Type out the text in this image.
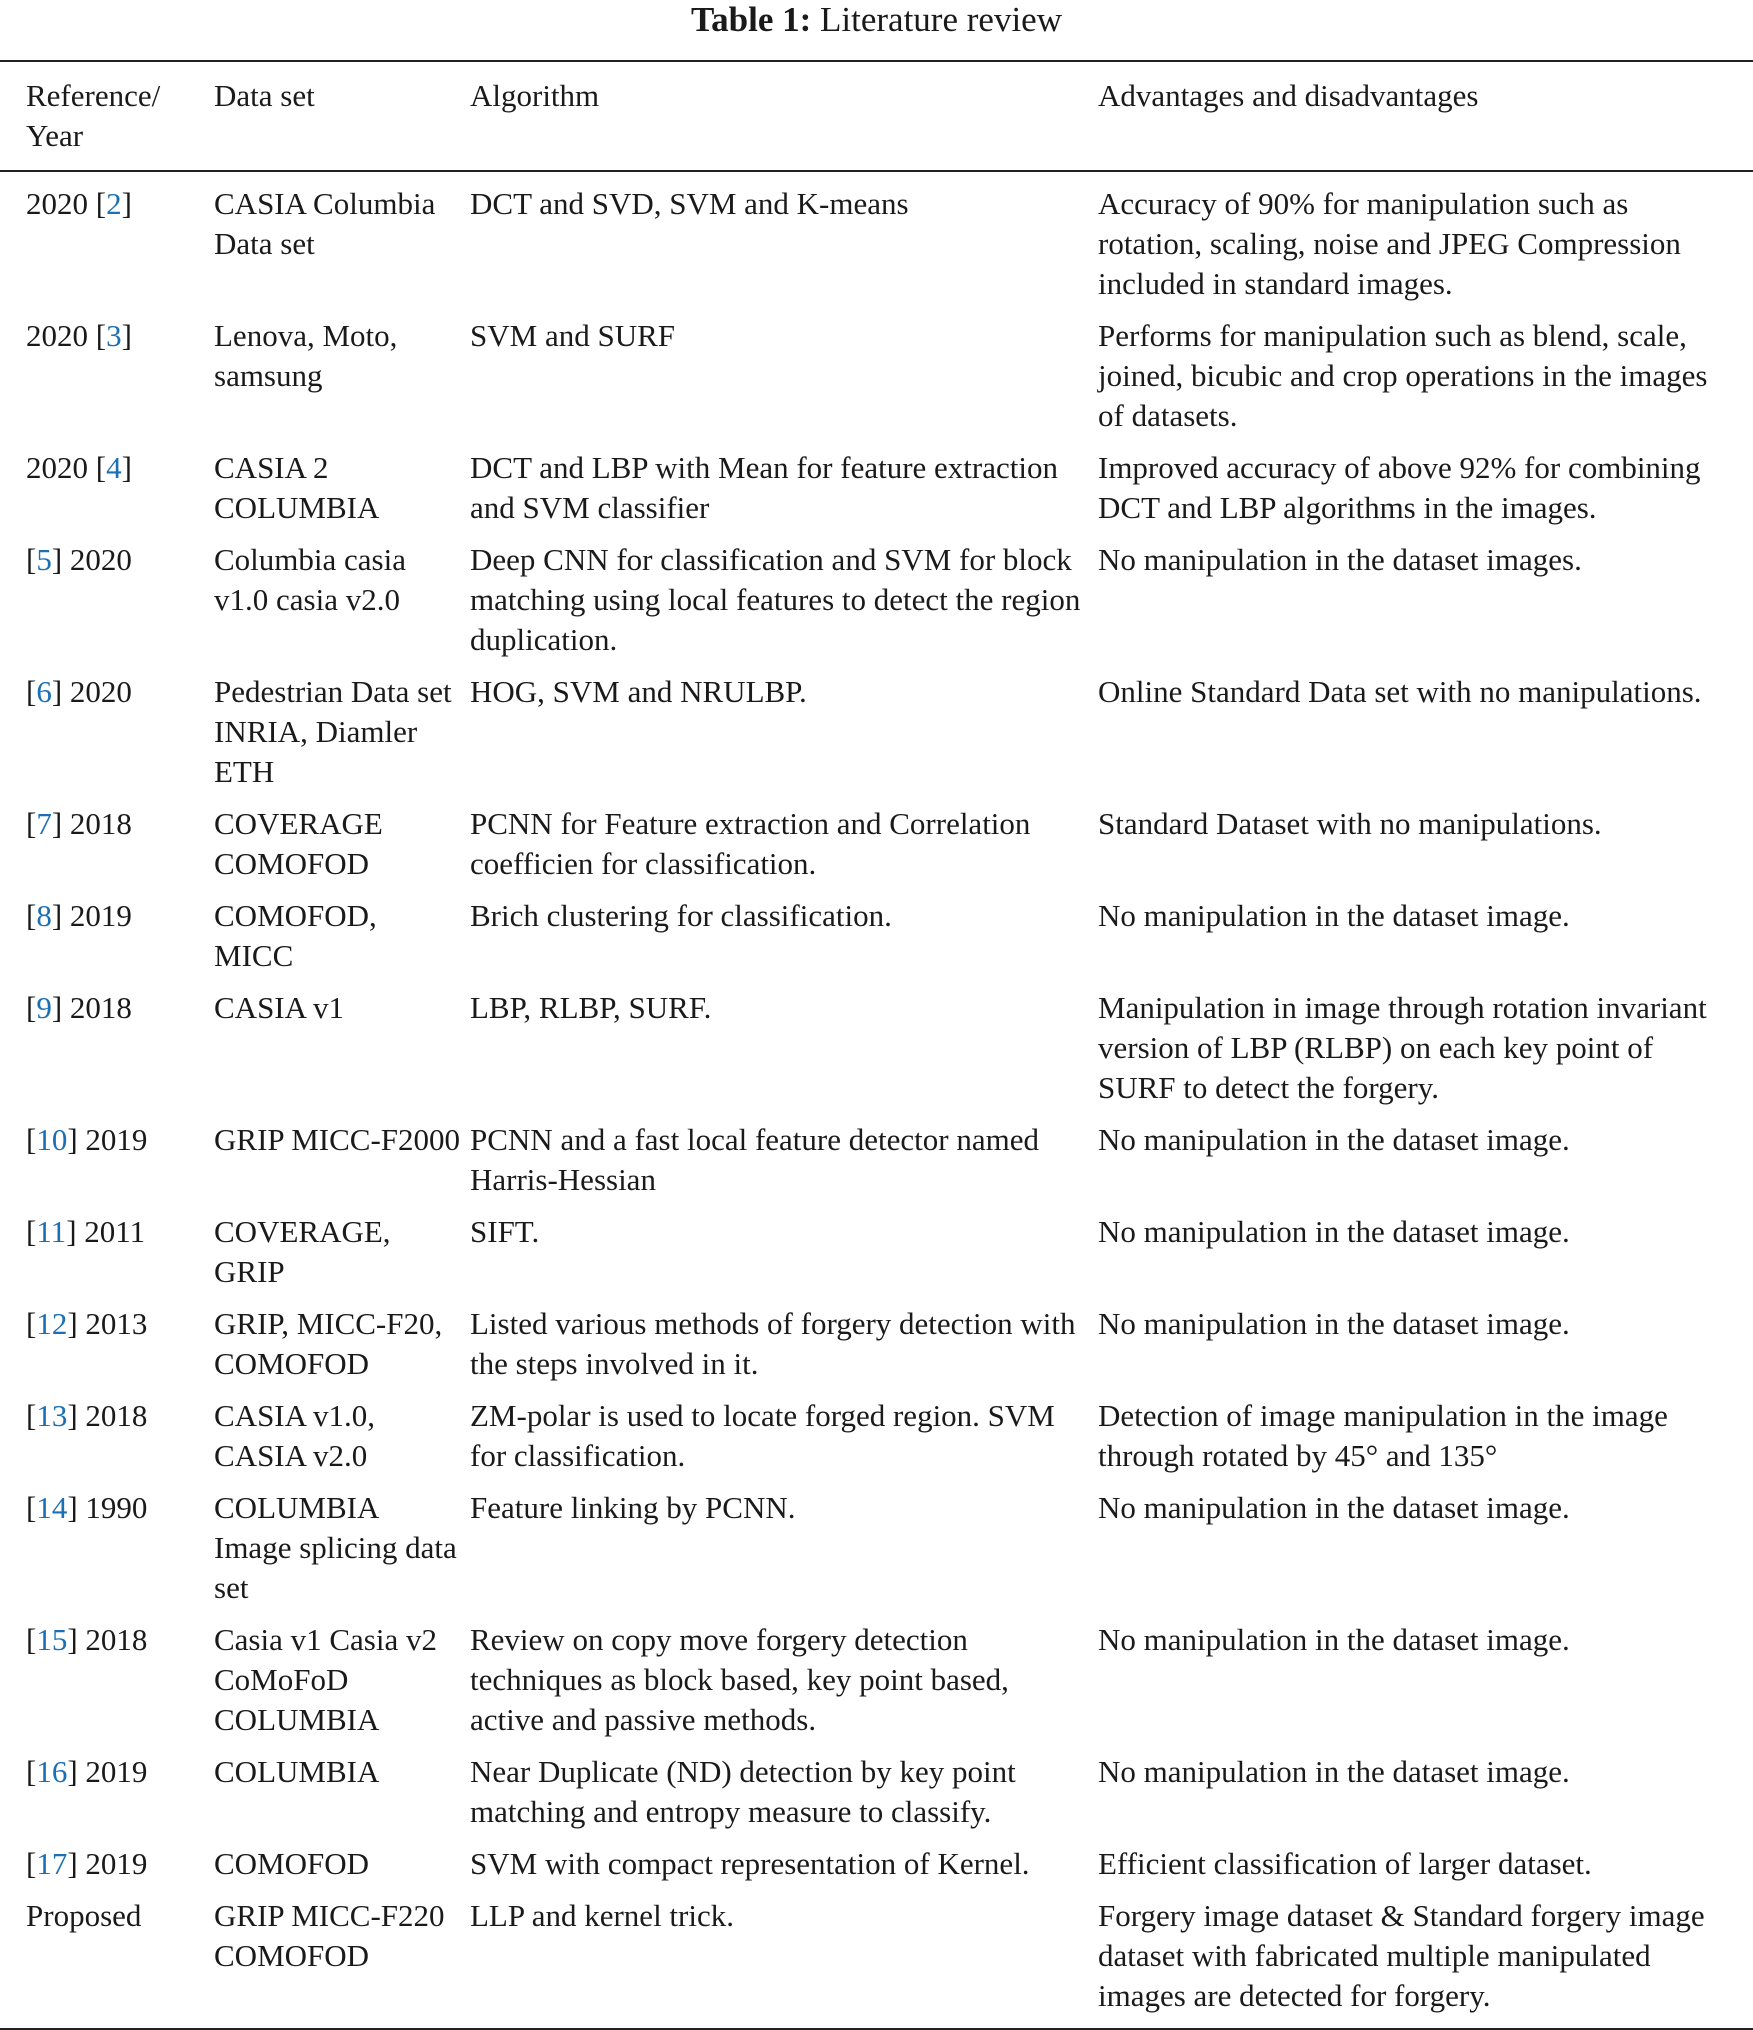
Table 1: Literature review
Reference/ Year	Data set	Algorithm	Advantages and disadvantages
2020 [2]	CASIA Columbia Data set	DCT and SVD, SVM and K-means	Accuracy of 90% for manipulation such as rotation, scaling, noise and JPEG Compression included in standard images.
2020 [3]	Lenova, Moto, samsung	SVM and SURF	Performs for manipulation such as blend, scale, joined, bicubic and crop operations in the images of datasets.
2020 [4]	CASIA 2 COLUMBIA	DCT and LBP with Mean for feature extraction and SVM classifier	Improved accuracy of above 92% for combining DCT and LBP algorithms in the images.
[5] 2020	Columbia casia v1.0 casia v2.0	Deep CNN for classification and SVM for block matching using local features to detect the region duplication.	No manipulation in the dataset images.
[6] 2020	Pedestrian Data set INRIA, Diamler ETH	HOG, SVM and NRULBP.	Online Standard Data set with no manipulations.
[7] 2018	COVERAGE COMOFOD	PCNN for Feature extraction and Correlation coefficien for classification.	Standard Dataset with no manipulations.
[8] 2019	COMOFOD, MICC	Brich clustering for classification.	No manipulation in the dataset image.
[9] 2018	CASIA v1	LBP, RLBP, SURF.	Manipulation in image through rotation invariant version of LBP (RLBP) on each key point of SURF to detect the forgery.
[10] 2019	GRIP MICC-F2000	PCNN and a fast local feature detector named Harris-Hessian	No manipulation in the dataset image.
[11] 2011	COVERAGE, GRIP	SIFT.	No manipulation in the dataset image.
[12] 2013	GRIP, MICC-F20, COMOFOD	Listed various methods of forgery detection with the steps involved in it.	No manipulation in the dataset image.
[13] 2018	CASIA v1.0, CASIA v2.0	ZM-polar is used to locate forged region. SVM for classification.	Detection of image manipulation in the image through rotated by 45° and 135°
[14] 1990	COLUMBIA Image splicing data set	Feature linking by PCNN.	No manipulation in the dataset image.
[15] 2018	Casia v1 Casia v2 CoMoFoD COLUMBIA	Review on copy move forgery detection techniques as block based, key point based, active and passive methods.	No manipulation in the dataset image.
[16] 2019	COLUMBIA	Near Duplicate (ND) detection by key point matching and entropy measure to classify.	No manipulation in the dataset image.
[17] 2019	COMOFOD	SVM with compact representation of Kernel.	Efficient classification of larger dataset.
Proposed	GRIP MICC-F220 COMOFOD	LLP and kernel trick.	Forgery image dataset & Standard forgery image dataset with fabricated multiple manipulated images are detected for forgery.
